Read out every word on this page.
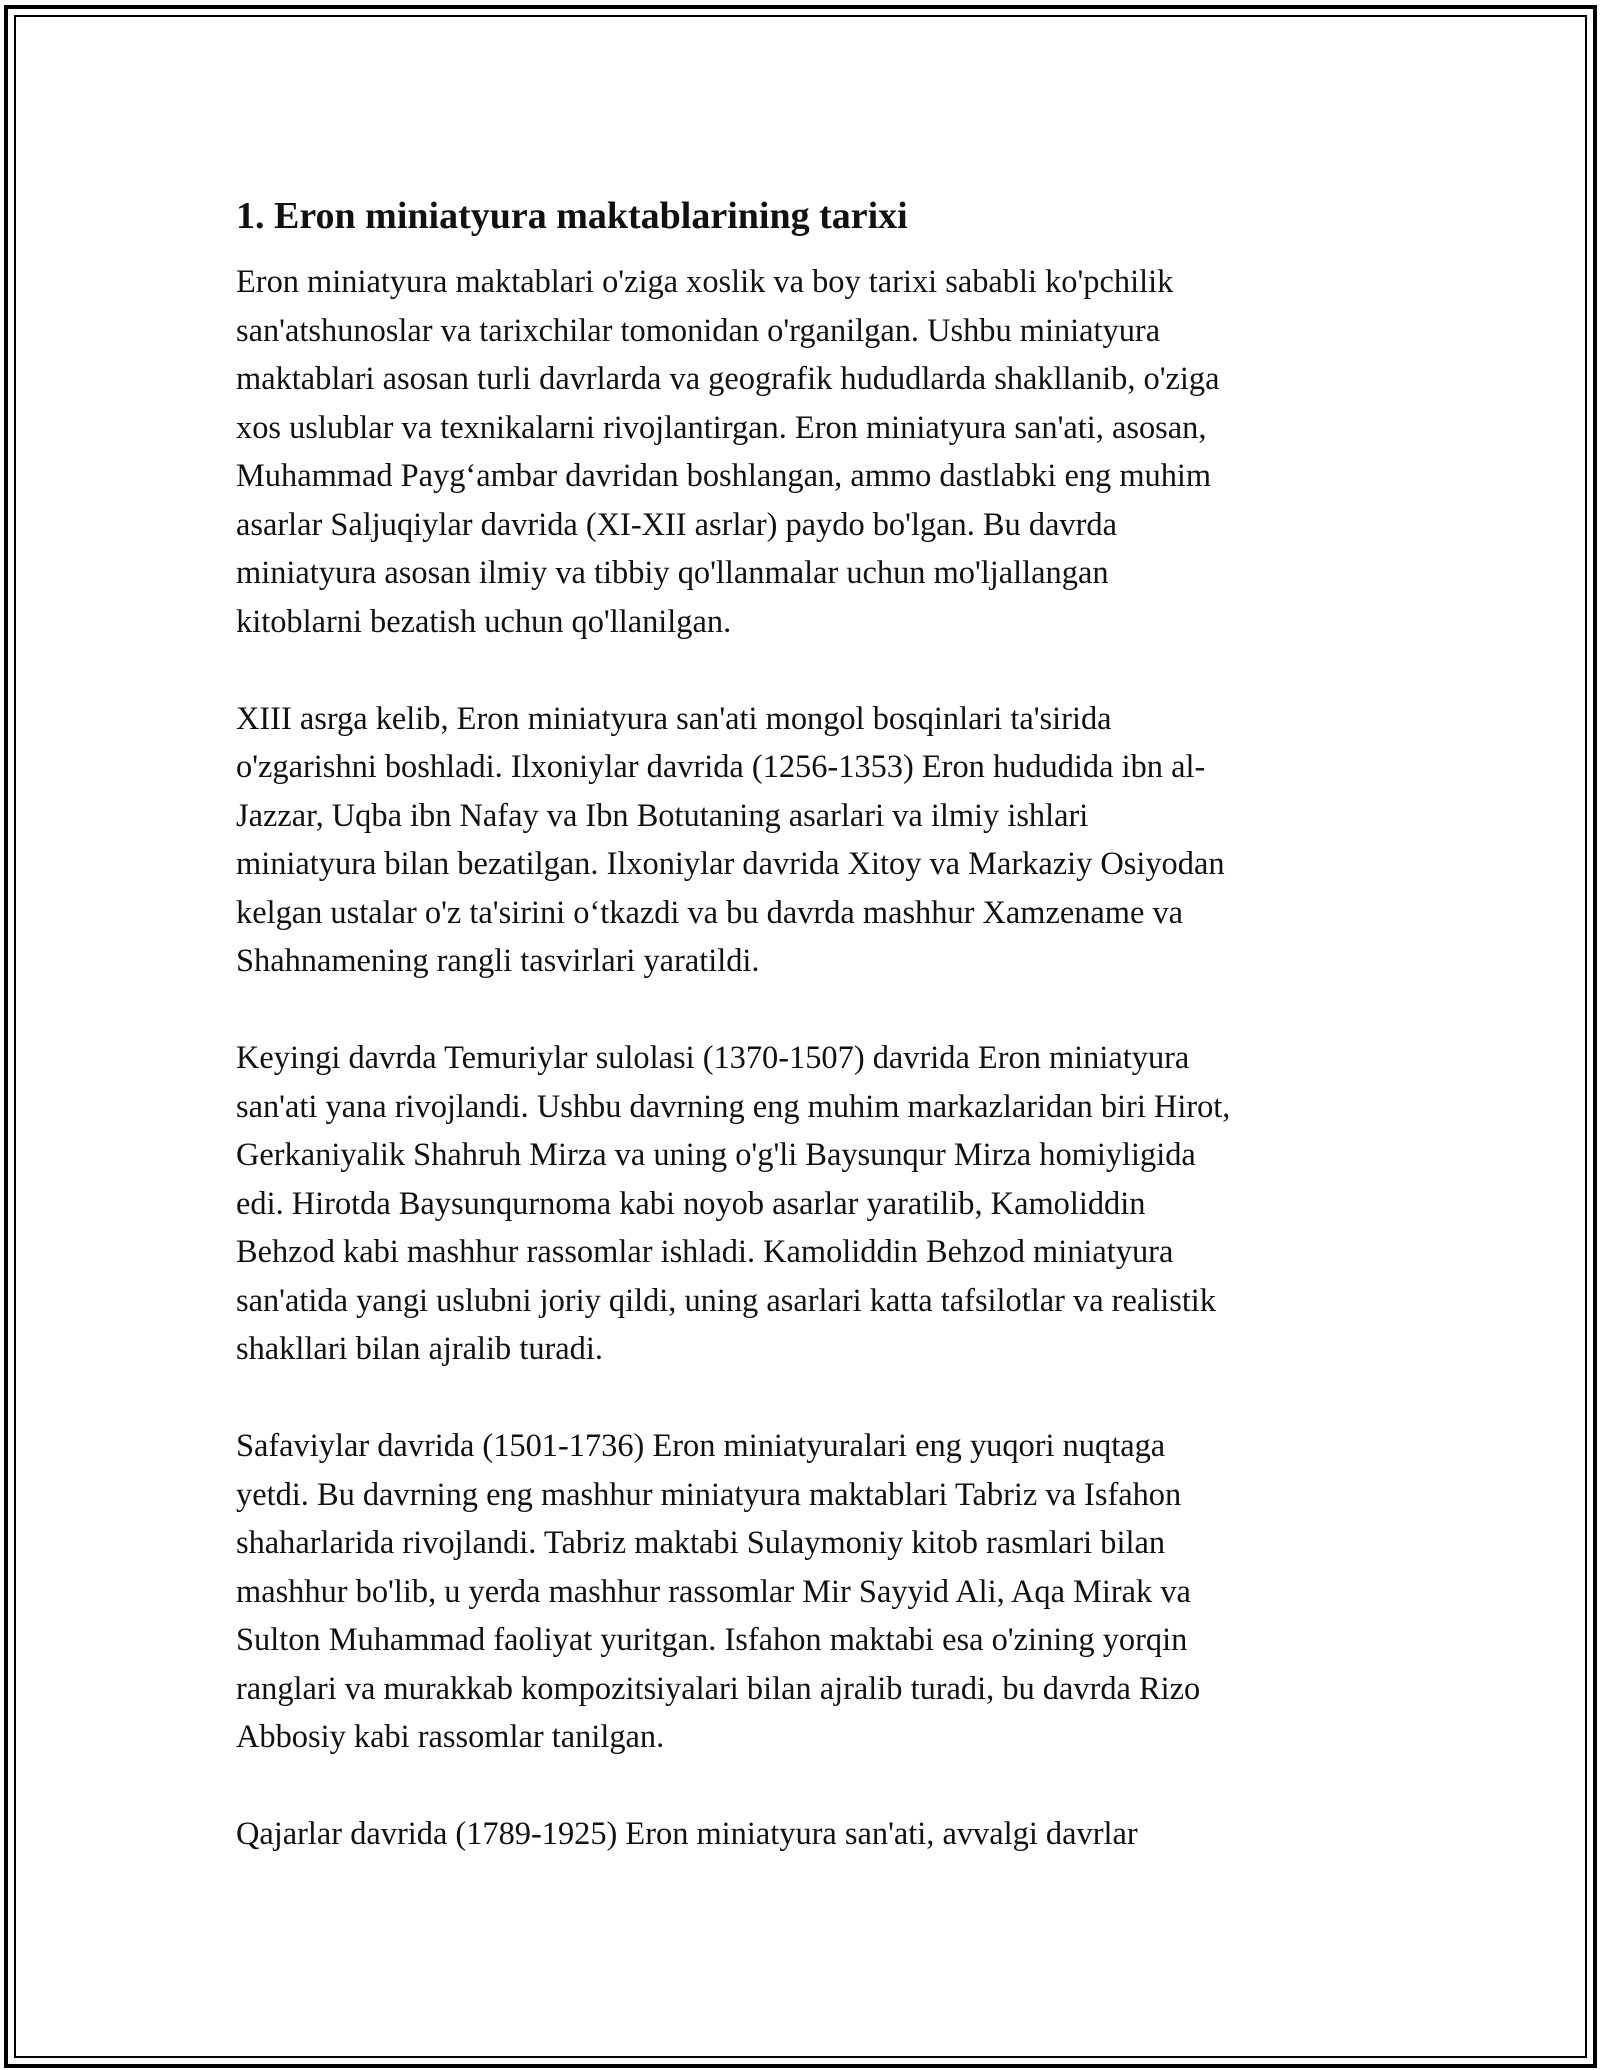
1. Eron miniatyura maktablarining tarixi

Eron miniatyura maktablari o'ziga xoslik va boy tarixi sababli ko'pchilik
san'atshunoslar va tarixchilar tomonidan o'rganilgan. Ushbu miniatyura
maktablari asosan turli davrlarda va geografik hududlarda shakllanib, o'ziga
xos uslublar va texnikalarni rivojlantirgan. Eron miniatyura san'ati, asosan,
Muhammad Payg‘ambar davridan boshlangan, ammo dastlabki eng muhim
asarlar Saljuqiylar davrida (XI-XII asrlar) paydo bo'lgan. Bu davrda
miniatyura asosan ilmiy va tibbiy qo'llanmalar uchun mo'ljallangan
kitoblarni bezatish uchun qo'llanilgan.

XIII asrga kelib, Eron miniatyura san'ati mongol bosqinlari ta'sirida
o'zgarishni boshladi. Ilxoniylar davrida (1256-1353) Eron hududida ibn al-
Jazzar, Uqba ibn Nafay va Ibn Botutaning asarlari va ilmiy ishlari
miniatyura bilan bezatilgan. Ilxoniylar davrida Xitoy va Markaziy Osiyodan
kelgan ustalar o'z ta'sirini o‘tkazdi va bu davrda mashhur Xamzename va
Shahnamening rangli tasvirlari yaratildi.

Keyingi davrda Temuriylar sulolasi (1370-1507) davrida Eron miniatyura
san'ati yana rivojlandi. Ushbu davrning eng muhim markazlaridan biri Hirot,
Gerkaniyalik Shahruh Mirza va uning o'g'li Baysunqur Mirza homiyligida
edi. Hirotda Baysunqurnoma kabi noyob asarlar yaratilib, Kamoliddin
Behzod kabi mashhur rassomlar ishladi. Kamoliddin Behzod miniatyura
san'atida yangi uslubni joriy qildi, uning asarlari katta tafsilotlar va realistik
shakllari bilan ajralib turadi.

Safaviylar davrida (1501-1736) Eron miniatyuralari eng yuqori nuqtaga
yetdi. Bu davrning eng mashhur miniatyura maktablari Tabriz va Isfahon
shaharlarida rivojlandi. Tabriz maktabi Sulaymoniy kitob rasmlari bilan
mashhur bo'lib, u yerda mashhur rassomlar Mir Sayyid Ali, Aqa Mirak va
Sulton Muhammad faoliyat yuritgan. Isfahon maktabi esa o'zining yorqin
ranglari va murakkab kompozitsiyalari bilan ajralib turadi, bu davrda Rizo
Abbosiy kabi rassomlar tanilgan.

Qajarlar davrida (1789-1925) Eron miniatyura san'ati, avvalgi davrlar
